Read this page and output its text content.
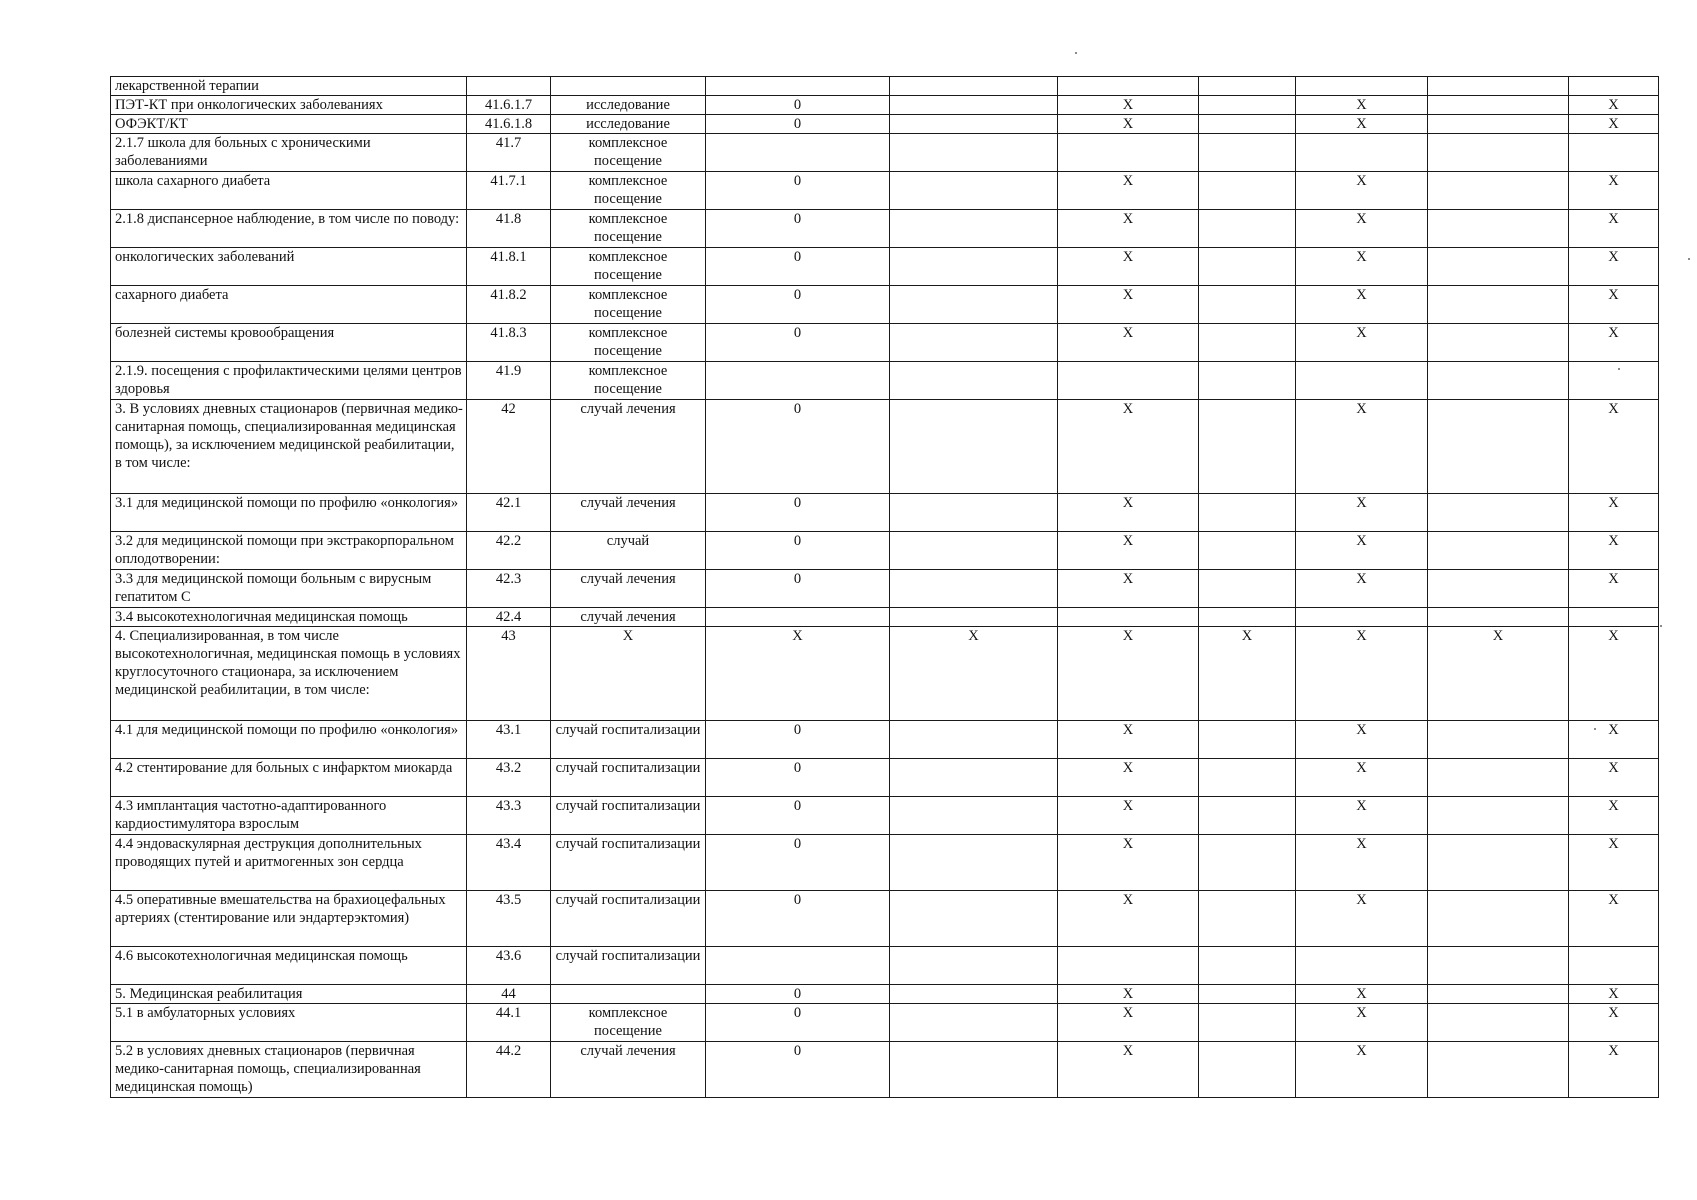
лекарственной терапии										
ПЭТ-КТ при онкологических заболеваниях	41.6.1.7	исследование	0		X		X		X	
ОФЭКТ/КТ	41.6.1.8	исследование	0		X		X		X	
2.1.7 школа для больных с хроническими заболеваниями	41.7	комплексное посещение								
школа сахарного диабета	41.7.1	комплексное посещение	0		X		X		X	
2.1.8 диспансерное наблюдение, в том числе по поводу:	41.8	комплексное посещение	0		X		X		X	
онкологических заболеваний	41.8.1	комплексное посещение	0		X		X		X	
сахарного диабета	41.8.2	комплексное посещение	0		X		X		X	
болезней системы кровообращения	41.8.3	комплексное посещение	0		X		X		X	
2.1.9. посещения с профилактическими целями центров здоровья	41.9	комплексное посещение								
3. В условиях дневных стационаров (первичная медико-санитарная помощь, специализированная медицинская помощь), за исключением медицинской реабилитации, в том числе:	42	случай лечения	0		X		X		X	
3.1 для медицинской помощи по профилю «онкология»	42.1	случай лечения	0		X		X		X	
3.2 для медицинской помощи при экстракорпоральном оплодотворении:	42.2	случай	0		X		X		X	
3.3 для медицинской помощи больным с вирусным гепатитом С	42.3	случай лечения	0		X		X		X	
3.4 высокотехнологичная медицинская помощь	42.4	случай лечения								
4. Специализированная, в том числе высокотехнологичная, медицинская помощь в условиях круглосуточного стационара, за исключением медицинской реабилитации, в том числе:	43	X	X	X	X	X	X	X	X	
4.1 для медицинской помощи по профилю «онкология»	43.1	случай госпитализации	0		X		X		X	
4.2 стентирование для больных с инфарктом миокарда	43.2	случай госпитализации	0		X		X		X	
4.3 имплантация частотно-адаптированного кардиостимулятора взрослым	43.3	случай госпитализации	0		X		X		X	
4.4 эндоваскулярная деструкция дополнительных проводящих путей и аритмогенных зон сердца	43.4	случай госпитализации	0		X		X		X	
4.5 оперативные вмешательства на брахиоцефальных артериях (стентирование или эндартерэктомия)	43.5	случай госпитализации	0		X		X		X	
4.6 высокотехнологичная медицинская помощь	43.6	случай госпитализации								
5. Медицинская реабилитация	44		0		X		X		X	
5.1 в амбулаторных условиях	44.1	комплексное посещение	0		X		X		X	
5.2 в условиях дневных стационаров (первичная медико-санитарная помощь, специализированная медицинская помощь)	44.2	случай лечения	0		X		X		X	
